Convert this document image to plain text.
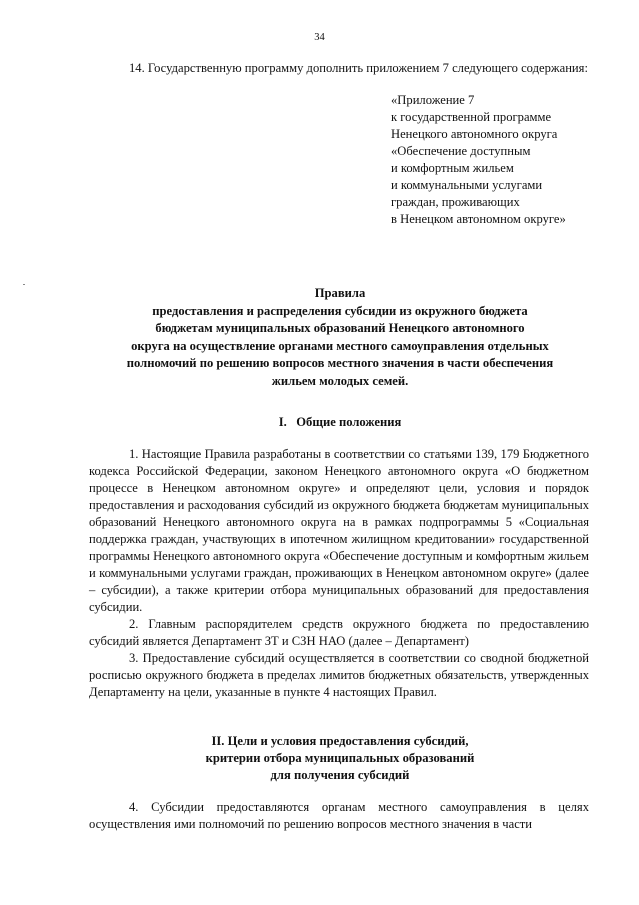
34

14. Государственную программу дополнить приложением 7 следующего содержания:

«Приложение 7
к государственной программе
Ненецкого автономного округа
«Обеспечение доступным
и комфортным жильем
и коммунальными услугами
граждан, проживающих
в Ненецком автономном округе»
Правила
предоставления и распределения субсидии из окружного бюджета
бюджетам муниципальных образований Ненецкого автономного
округа на осуществление органами местного самоуправления отдельных
полномочий по решению вопросов местного значения в части обеспечения
жильем молодых семей.
I.   Общие положения

1. Настоящие Правила разработаны в соответствии со статьями 139, 179 Бюджетного кодекса Российской Федерации, законом Ненецкого автономного округа «О бюджетном процессе в Ненецком автономном округе» и определяют цели, условия и порядок предоставления и расходования субсидий из окружного бюджета бюджетам муниципальных образований Ненецкого автономного округа на в рамках подпрограммы 5 «Социальная поддержка граждан, участвующих в ипотечном жилищном кредитовании» государственной программы Ненецкого автономного округа «Обеспечение доступным и комфортным жильем и коммунальными услугами граждан, проживающих в Ненецком автономном округе» (далее – субсидии), а также критерии отбора муниципальных образований для предоставления субсидии.

2. Главным распорядителем средств окружного бюджета по предоставлению субсидий является Департамент ЗТ и СЗН НАО (далее – Департамент)

3. Предоставление субсидий осуществляется в соответствии со сводной бюджетной росписью окружного бюджета в пределах лимитов бюджетных обязательств, утвержденных Департаменту на цели, указанные в пункте 4 настоящих Правил.

II. Цели и условия предоставления субсидий,
критерии отбора муниципальных образований
для получения субсидий

4. Субсидии предоставляются органам местного самоуправления в целях осуществления ими полномочий по решению вопросов местного значения в части
